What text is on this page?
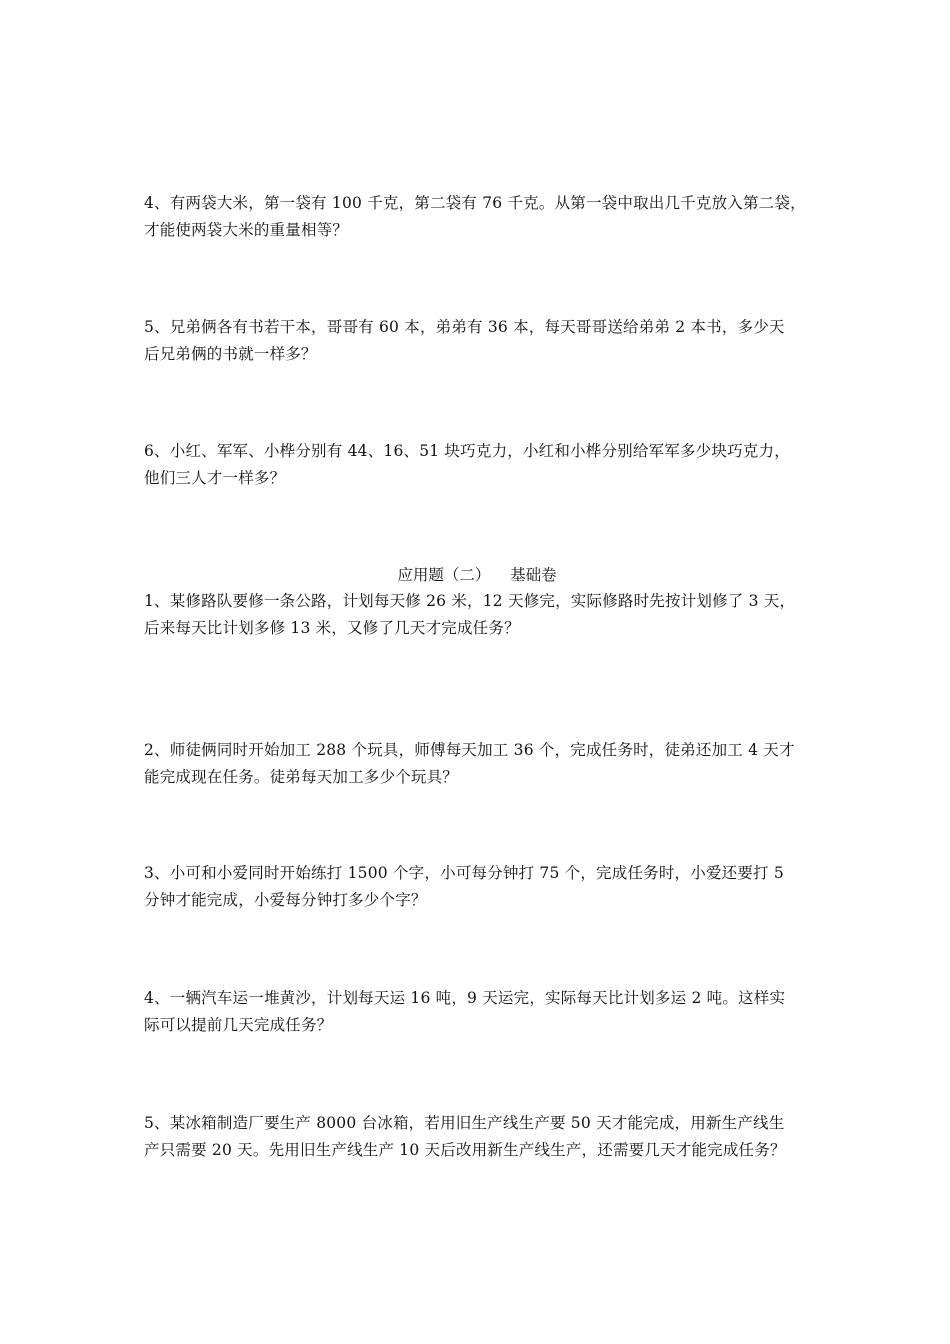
4、有两袋大米，第一袋有 100 千克，第二袋有 76 千克。从第一袋中取出几千克放入第二袋，

才能使两袋大米的重量相等？

5、兄弟俩各有书若干本，哥哥有 60 本，弟弟有 36 本，每天哥哥送给弟弟 2 本书，多少天

后兄弟俩的书就一样多？

6、小红、军军、小桦分别有 44、16、51 块巧克力，小红和小桦分别给军军多少块巧克力，

他们三人才一样多？

应用题（二）    基础卷

1、某修路队要修一条公路，计划每天修 26 米，12 天修完，实际修路时先按计划修了 3 天，

后来每天比计划多修 13 米，又修了几天才完成任务？

2、师徒俩同时开始加工 288 个玩具，师傅每天加工 36 个，完成任务时，徒弟还加工 4 天才

能完成现在任务。徒弟每天加工多少个玩具？

3、小可和小爱同时开始练打 1500 个字，小可每分钟打 75 个，完成任务时，小爱还要打 5

分钟才能完成，小爱每分钟打多少个字？

4、一辆汽车运一堆黄沙，计划每天运 16 吨，9 天运完，实际每天比计划多运 2 吨。这样实

际可以提前几天完成任务？

5、某冰箱制造厂要生产 8000 台冰箱，若用旧生产线生产要 50 天才能完成，用新生产线生

产只需要 20 天。先用旧生产线生产 10 天后改用新生产线生产，还需要几天才能完成任务？
